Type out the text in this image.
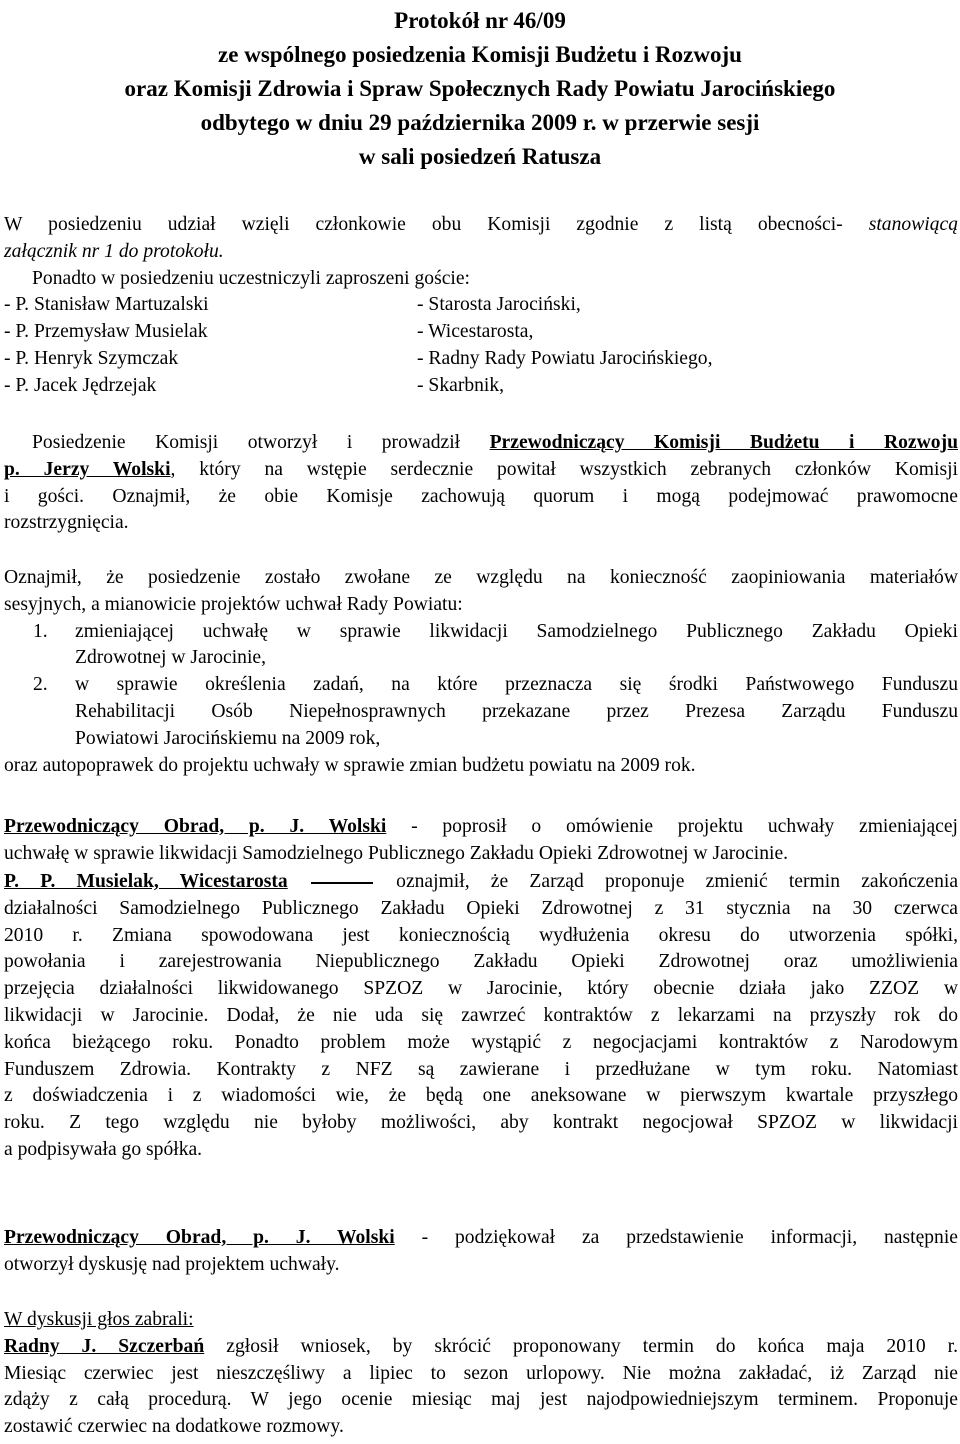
Protokół nr 46/09
ze wspólnego posiedzenia Komisji Budżetu i Rozwoju
oraz Komisji Zdrowia i Spraw Społecznych Rady Powiatu Jarocińskiego
odbytego w dniu 29 października 2009 r. w przerwie sesji
w sali posiedzeń Ratusza
W posiedzeniu udział wzięli członkowie obu Komisji zgodnie z listą obecności- stanowiącą
załącznik nr 1 do protokołu.
Ponadto w posiedzeniu uczestniczyli zaproszeni goście:
- P. Stanisław Martuzalski	- Starosta Jarociński,
- P. Przemysław Musielak	- Wicestarosta,
- P. Henryk Szymczak	- Radny Rady Powiatu Jarocińskiego,
- P. Jacek Jędrzejak	- Skarbnik,
Posiedzenie Komisji otworzył i prowadził Przewodniczący Komisji Budżetu i Rozwoju
p. Jerzy Wolski, który na wstępie serdecznie powitał wszystkich zebranych członków Komisji
i gości. Oznajmił, że obie Komisje zachowują quorum i mogą podejmować prawomocne
rozstrzygnięcia.
Oznajmił, że posiedzenie zostało zwołane ze względu na konieczność zaopiniowania materiałów
sesyjnych, a mianowicie projektów uchwał Rady Powiatu:
1. zmieniającej uchwałę w sprawie likwidacji Samodzielnego Publicznego Zakładu Opieki
Zdrowotnej w Jarocinie,
2. w sprawie określenia zadań, na które przeznacza się środki Państwowego Funduszu
Rehabilitacji Osób Niepełnosprawnych przekazane przez Prezesa Zarządu Funduszu
Powiatowi Jarocińskiemu na 2009 rok,
oraz autopoprawek do projektu uchwały w sprawie zmian budżetu powiatu na 2009 rok.
Przewodniczący Obrad, p. J. Wolski - poprosił o omówienie projektu uchwały zmieniającej
uchwałę w sprawie likwidacji Samodzielnego Publicznego Zakładu Opieki Zdrowotnej w Jarocinie.
P. P. Musielak, Wicestarosta	oznajmił, że Zarząd proponuje zmienić termin zakończenia
działalności Samodzielnego Publicznego Zakładu Opieki Zdrowotnej z 31 stycznia na 30 czerwca
2010 r. Zmiana spowodowana jest koniecznością wydłużenia okresu do utworzenia spółki,
powołania i zarejestrowania Niepublicznego Zakładu Opieki Zdrowotnej oraz umożliwienia
przejęcia działalności likwidowanego SPZOZ w Jarocinie, który obecnie działa jako ZZOZ w
likwidacji w Jarocinie. Dodał, że nie uda się zawrzeć kontraktów z lekarzami na przyszły rok do
końca bieżącego roku. Ponadto problem może wystąpić z negocjacjami kontraktów z Narodowym
Funduszem Zdrowia. Kontrakty z NFZ są zawierane i przedłużane w tym roku. Natomiast
z doświadczenia i z wiadomości wie, że będą one aneksowane w pierwszym kwartale przyszłego
roku. Z tego względu nie byłoby możliwości, aby kontrakt negocjował SPZOZ w likwidacji
a podpisywała go spółka.
Przewodniczący Obrad, p. J. Wolski - podziękował za przedstawienie informacji, następnie
otworzył dyskusję nad projektem uchwały.
W dyskusji głos zabrali:
Radny J. Szczerbań zgłosił wniosek, by skrócić proponowany termin do końca maja 2010 r.
Miesiąc czerwiec jest nieszczęśliwy a lipiec to sezon urlopowy. Nie można zakładać, iż Zarząd nie
zdąży z całą procedurą. W jego ocenie miesiąc maj jest najodpowiedniejszym terminem. Proponuje
zostawić czerwiec na dodatkowe rozmowy.
